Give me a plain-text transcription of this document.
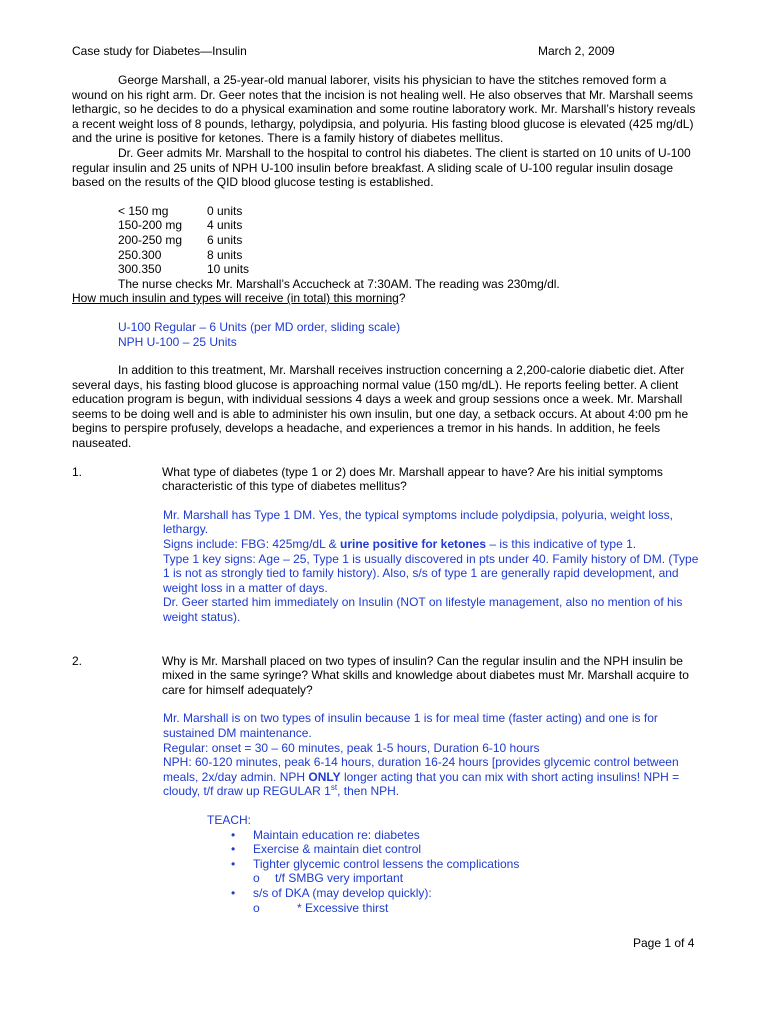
Case study for Diabetes—Insulin	March 2, 2009

George Marshall, a 25-year-old manual laborer, visits his physician to have the stitches removed form a wound on his right arm. Dr. Geer notes that the incision is not healing well. He also observes that Mr. Marshall seems lethargic, so he decides to do a physical examination and some routine laboratory work. Mr. Marshall’s history reveals a recent weight loss of 8 pounds, lethargy, polydipsia, and polyuria. His fasting blood glucose is elevated (425 mg/dL) and the urine is positive for ketones. There is a family history of diabetes mellitus.

Dr. Geer admits Mr. Marshall to the hospital to control his diabetes. The client is started on 10 units of U-100 regular insulin and 25 units of NPH U-100 insulin before breakfast. A sliding scale of U-100 regular insulin dosage based on the results of the QID blood glucose testing is established.

< 150 mg	0 units
150-200 mg	4 units
200-250 mg	6 units
250.300	8 units
300.350	10 units

The nurse checks Mr. Marshall’s Accucheck at 7:30AM. The reading was 230mg/dl.

How much insulin and types will receive (in total) this morning?

U-100 Regular – 6 Units (per MD order, sliding scale)

NPH U-100 – 25 Units

In addition to this treatment, Mr. Marshall receives instruction concerning a 2,200-calorie diabetic diet. After several days, his fasting blood glucose is approaching normal value (150 mg/dL). He reports feeling better. A client education program is begun, with individual sessions 4 days a week and group sessions once a week. Mr. Marshall seems to be doing well and is able to administer his own insulin, but one day, a setback occurs. At about 4:00 pm he begins to perspire profusely, develops a headache, and experiences a tremor in his hands. In addition, he feels nauseated.

1.	What type of diabetes (type 1 or 2) does Mr. Marshall appear to have? Are his initial symptoms characteristic of this type of diabetes mellitus?

Mr. Marshall has Type 1 DM. Yes, the typical symptoms include polydipsia, polyuria, weight loss, lethargy.

Signs include: FBG: 425mg/dL & urine positive for ketones – is this indicative of type 1.

Type 1 key signs: Age – 25, Type 1 is usually discovered in pts under 40. Family history of DM. (Type 1 is not as strongly tied to family history). Also, s/s of type 1 are generally rapid development, and weight loss in a matter of days.

Dr. Geer started him immediately on Insulin (NOT on lifestyle management, also no mention of his weight status).

2.	Why is Mr. Marshall placed on two types of insulin? Can the regular insulin and the NPH insulin be mixed in the same syringe? What skills and knowledge about diabetes must Mr. Marshall acquire to care for himself adequately?

Mr. Marshall is on two types of insulin because 1 is for meal time (faster acting) and one is for sustained DM maintenance.

Regular: onset = 30 – 60 minutes, peak 1-5 hours, Duration 6-10 hours

NPH: 60-120 minutes, peak 6-14 hours, duration 16-24 hours [provides glycemic control between meals, 2x/day admin. NPH ONLY longer acting that you can mix with short acting insulins! NPH = cloudy, t/f draw up REGULAR 1st, then NPH.

TEACH:

• Maintain education re: diabetes
• Exercise & maintain diet control
• Tighter glycemic control lessens the complications
o t/f SMBG very important
• s/s of DKA (may develop quickly):
o	* Excessive thirst
Page 1 of 4
